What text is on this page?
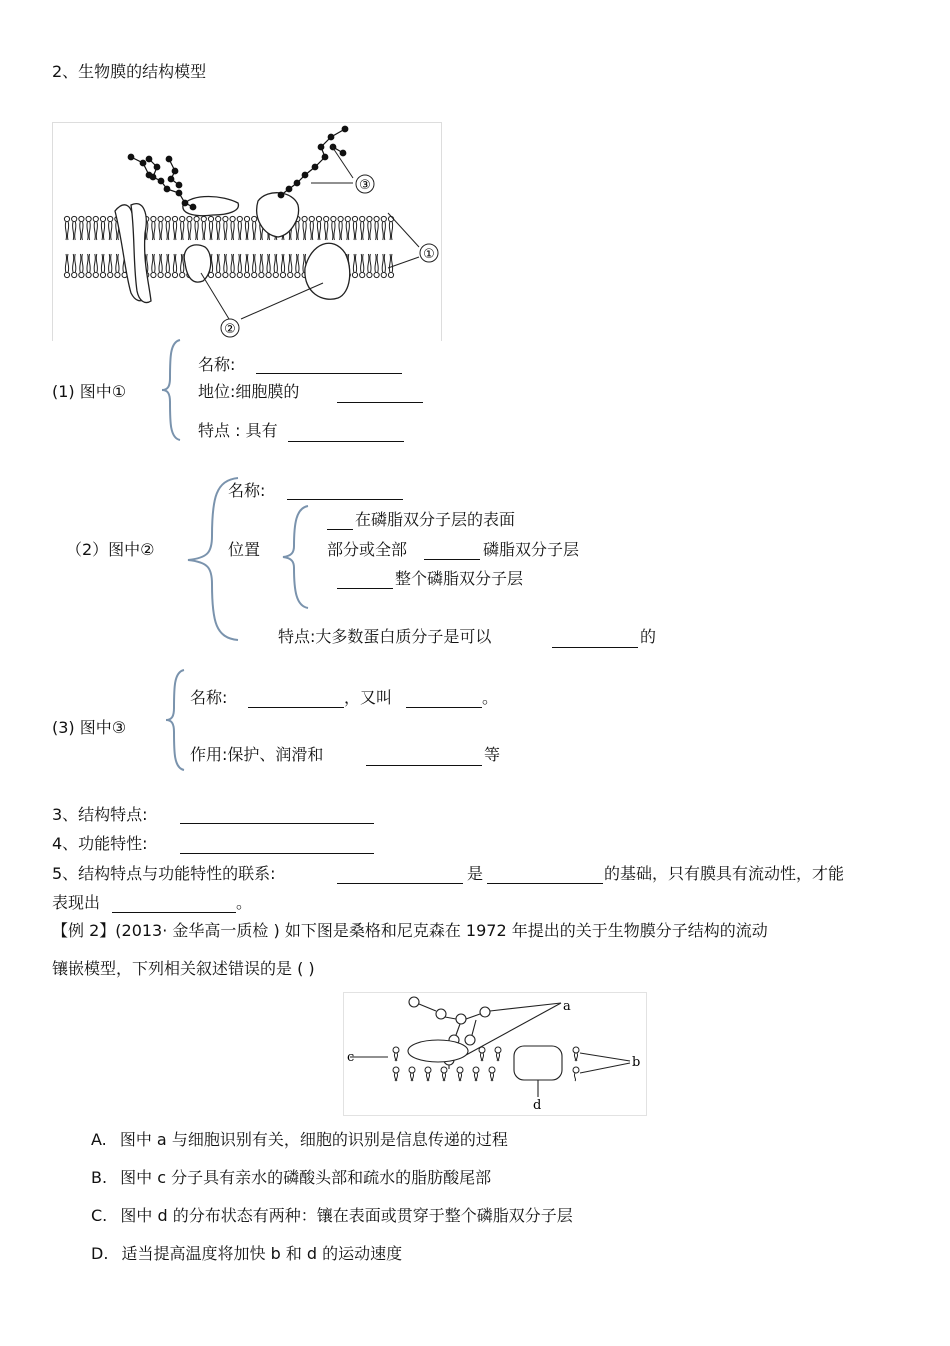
2、生物膜的结构模型
③
①
②
(1) 图中①
名称:
地位:细胞膜的
特点 : 具有
（2）图中②
名称:
位置
在磷脂双分子层的表面
部分或全部	磷脂双分子层
整个磷脂双分子层
特点:大多数蛋白质分子是可以	的
(3) 图中③
名称:	，又叫	。
作用:保护、润滑和	等
3、结构特点:
4、功能特性:
5、结构特点与功能特性的联系:	是	的基础，只有膜具有流动性，才能
表现出	。
【例 2】(2013· 金华高一质检 ) 如下图是桑格和尼克森在 1972 年提出的关于生物膜分子结构的流动
镶嵌模型，下列相关叙述错误的是 ( )
a
c	b
d
A. 图中 a 与细胞识别有关，细胞的识别是信息传递的过程
B. 图中 c 分子具有亲水的磷酸头部和疏水的脂肪酸尾部
C. 图中 d 的分布状态有两种：镶在表面或贯穿于整个磷脂双分子层
D. 适当提高温度将加快 b 和 d 的运动速度
